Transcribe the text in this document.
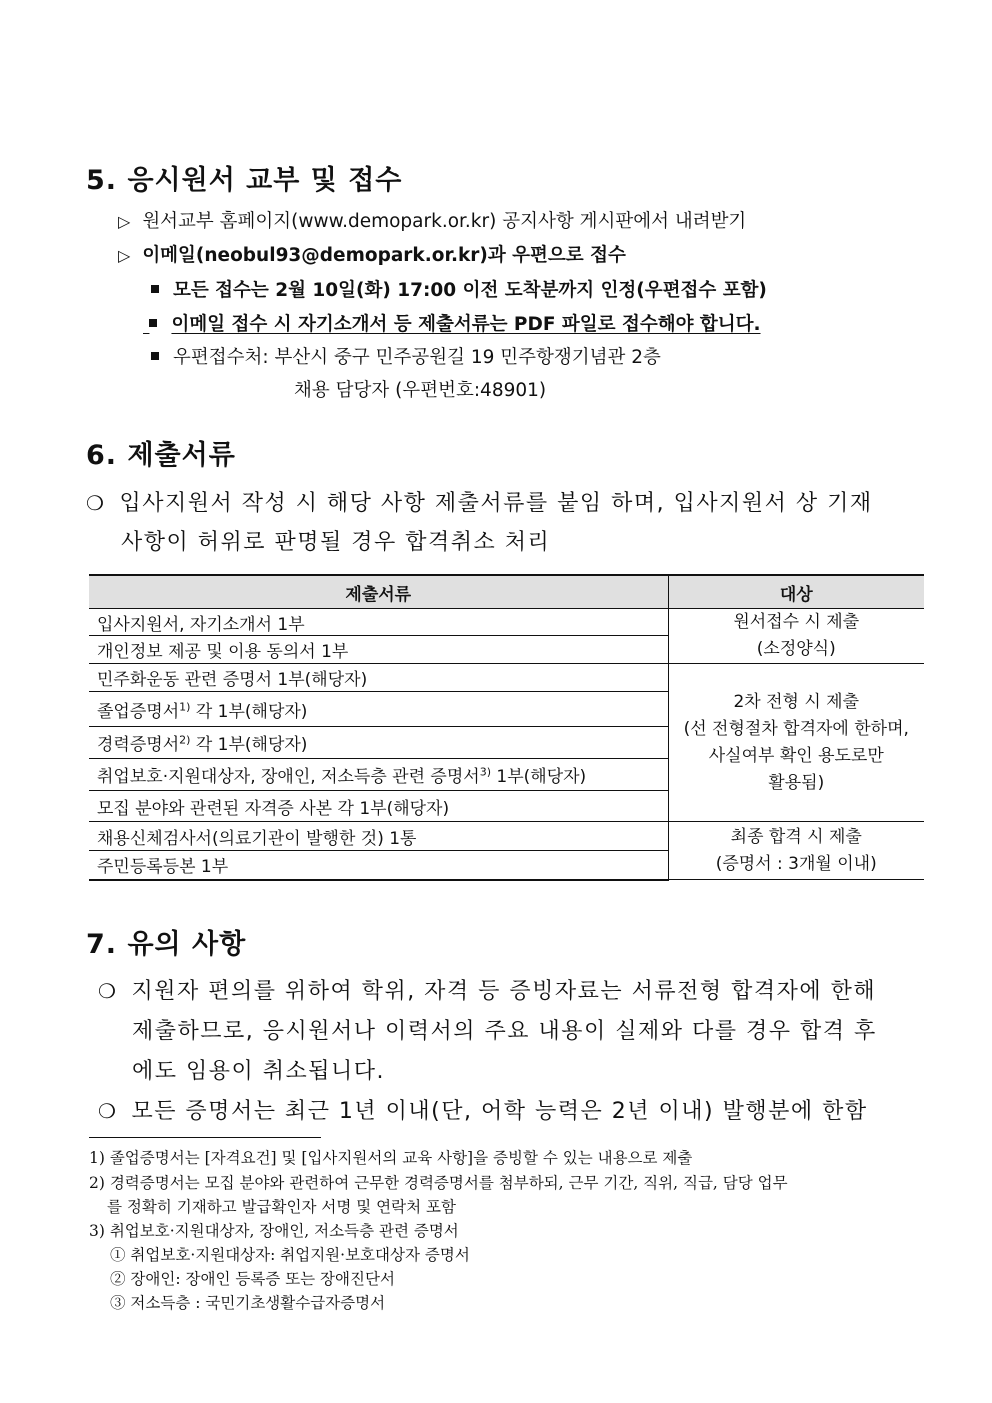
5. 응시원서 교부 및 접수
▷ 원서교부 홈페이지(www.demopark.or.kr) 공지사항 게시판에서 내려받기
▷ 이메일(neobul93@demopark.or.kr)과 우편으로 접수
모든 접수는 2월 10일(화) 17:00 이전 도착분까지 인정(우편접수 포함)
이메일 접수 시 자기소개서 등 제출서류는 PDF 파일로 접수해야 합니다.
우편접수처: 부산시 중구 민주공원길 19 민주항쟁기념관 2층
채용 담당자 (우편번호:48901)
6. 제출서류
❍ 입사지원서 작성 시 해당 사항 제출서류를 붙임 하며, 입사지원서 상 기재
사항이 허위로 판명될 경우 합격취소 처리
제출서류	대상
입사지원서, 자기소개서 1부	원서접수 시 제출
(소정양식)

개인정보 제공 및 이용 동의서 1부	
민주화운동 관련 증명서 1부(해당자)	2차 전형 시 제출
(선 전형절차 합격자에 한하며,
사실여부 확인 용도로만
활용됨)

졸업증명서$^{1)}$ 각 1부(해당자)	
경력증명서$^{2)}$ 각 1부(해당자)	
취업보호·지원대상자, 장애인, 저소득층 관련 증명서$^{3)}$ 1부(해당자)	
모집 분야와 관련된 자격증 사본 각 1부(해당자)	
채용신체검사서(의료기관이 발행한 것) 1통	최종 합격 시 제출
(증명서 : 3개월 이내)

주민등록등본 1부	
7. 유의 사항
❍ 지원자 편의를 위하여 학위, 자격 등 증빙자료는 서류전형 합격자에 한해
제출하므로, 응시원서나 이력서의 주요 내용이 실제와 다를 경우 합격 후
에도 임용이 취소됩니다.
❍ 모든 증명서는 최근 1년 이내(단, 어학 능력은 2년 이내) 발행분에 한함
1) 졸업증명서는 [자격요건] 및 [입사지원서의 교육 사항]을 증빙할 수 있는 내용으로 제출
2) 경력증명서는 모집 분야와 관련하여 근무한 경력증명서를 첨부하되, 근무 기간, 직위, 직급, 담당 업무
를 정확히 기재하고 발급확인자 서명 및 연락처 포함
3) 취업보호·지원대상자, 장애인, 저소득층 관련 증명서
① 취업보호·지원대상자: 취업지원·보호대상자 증명서
② 장애인: 장애인 등록증 또는 장애진단서
③ 저소득층 : 국민기초생활수급자증명서
